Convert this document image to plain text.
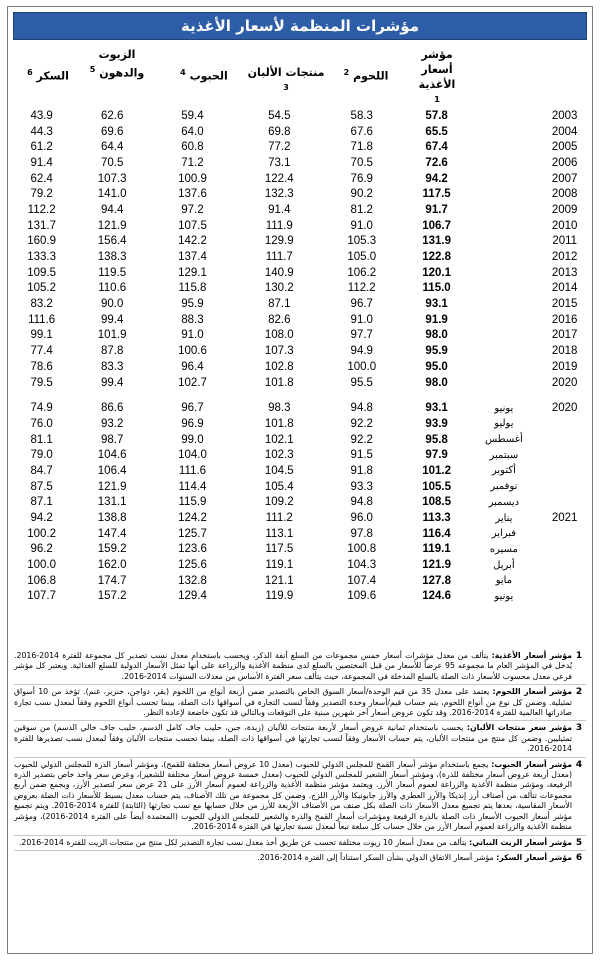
مؤشرات المنظمة لأسعار الأغذية
مؤشر أسعار الأغذية
$^1$
اللحوم $^2$
منتجات الألبان $^3$
الحبوب $^4$
الزيوت والدهون $^5$
السكر $^6$
43.9	62.6	59.4	54.5	58.3	57.8		2003
44.3	69.6	64.0	69.8	67.6	65.5		2004
61.2	64.4	60.8	77.2	71.8	67.4		2005
91.4	70.5	71.2	73.1	70.5	72.6		2006
62.4	107.3	100.9	122.4	76.9	94.2		2007
79.2	141.0	137.6	132.3	90.2	117.5		2008
112.2	94.4	97.2	91.4	81.2	91.7		2009
131.7	121.9	107.5	111.9	91.0	106.7		2010
160.9	156.4	142.2	129.9	105.3	131.9		2011
133.3	138.3	137.4	111.7	105.0	122.8		2012
109.5	119.5	129.1	140.9	106.2	120.1		2013
105.2	110.6	115.8	130.2	112.2	115.0		2014
83.2	90.0	95.9	87.1	96.7	93.1		2015
111.6	99.4	88.3	82.6	91.0	91.9		2016
99.1	101.9	91.0	108.0	97.7	98.0		2017
77.4	87.8	100.6	107.3	94.9	95.9		2018
78.6	83.3	96.4	102.8	100.0	95.0		2019
79.5	99.4	102.7	101.8	95.5	98.0		2020

74.9	86.6	96.7	98.3	94.8	93.1	يونيو	2020
76.0	93.2	96.9	101.8	92.2	93.9	يوليو	
81.1	98.7	99.0	102.1	92.2	95.8	أغسطس	
79.0	104.6	104.0	102.3	91.5	97.9	سبتمبر	
84.7	106.4	111.6	104.5	91.8	101.2	أكتوبر	
87.5	121.9	114.4	105.4	93.3	105.5	نوفمبر	
87.1	131.1	115.9	109.2	94.8	108.5	ديسمبر	
94.2	138.8	124.2	111.2	96.0	113.3	يناير	2021
100.2	147.4	125.7	113.1	97.8	116.4	فبراير	
96.2	159.2	123.6	117.5	100.8	119.1	مسيره	
100.0	162.0	125.6	119.1	104.3	121.9	أبريل	
106.8	174.7	132.8	121.1	107.4	127.8	مايو	
107.7	157.2	129.4	119.9	109.6	124.6	يونيو	
1
مؤشر أسعار الأغذية: يتألف من معدل مؤشرات أسعار خمس مجموعات من السلع آنفة الذكر، ويحسب باستخدام معدل نسب تصدير كل مجموعة للفترة 2014-2016. يُدخل في المؤشر العام ما مجموعه 95 عرضاً للأسعار من قبل المختصين بالسلع لدى منظمة الأغذية والزراعة على أنها تمثل الأسعار الدولية للسلع الغذائية. ويعتبر كل مؤشر فرعي معدل محسوب للأسعار ذات الصلة بالسلع المدخلة في المجموعة، حيث يتألف سعر الفترة الأساس من معدلات السنوات 2014-2016.
2
مؤشر أسعار اللحوم: يعتمد على معدل 35 من قيم الوحدة/أسعار السوق الخاص بالتصدير ضمن أربعة أنواع من اللحوم (بقر، دواجن، خنزير، غنم). تؤخذ من 10 أسواق تمثيلية. وضمن كل نوع من أنواع اللحوم، يتم حساب قيم/أسعار وحدة التصدير وفقاً لنسب التجارة في أسواقها ذات الصلة، بينما تحسب أنواع اللحوم وفقاً لمعدل نسب تجارة صادراتها العالمية للفترة 2014-2016. وقد تكون عروض أسعار آخر شهرين مبنية على التوقعات وبالتالي قد تكون خاضعة لإعادة النظر.
3
مؤشر سعر منتجات الألبان: يحسب باستخدام ثمانية عروض أسعار لأربعة منتجات للألبان (زبدة، جبن، حليب جاف كامل الدسم، حليب جاف خالي الدسم) من سوقين تمثيليين. وضمن كل منتج من منتجات الألبان، يتم حساب الأسعار وفقاً لنسب تجارتها في أسواقها ذات الصلة، بينما تحسب منتجات الألبان وفقاً لمعدل نسب تصديرها للفترة 2014-2016.
4
مؤشر أسعار الحبوب: يجمع باستخدام مؤشر أسعار القمح للمجلس الدولي للحبوب (معدل 10 عروض أسعار مختلفة للقمح)، ومؤشر أسعار الذرة للمجلس الدولي للحبوب (معدل أربعة عروض أسعار مختلفة للذرة)، ومؤشر أسعار الشعير للمجلس الدولي للحبوب (معدل خمسة عروض أسعار مختلفة للشعير)، وعرض سعر واحد خاص بتصدير الذرة الرفيعة، ومؤشر منظمة الأغذية والزراعة لعموم أسعار الأرز. ويعتمد مؤشر منظمة الأغذية والزراعة لعموم أسعار الأرز على 21 عرض سعر لتصدير الأرز، ويجمع ضمن أربع مجموعات تتألف من أصناف أرز إنديكا والأرز العطري والأرز جابونيكا والأرز اللزج. وضمن كل مجموعة من تلك الأصناف، يتم حساب معدل بسيط للأسعار ذات الصلة بعروض الأسعار المقاسية، بعدها يتم تجميع معدل الأسعار ذات الصلة بكل صنف من الأصناف الأربعة للأرز من خلال حسابها مع نسب تجارتها (الثابتة) للفترة 2014-2016. ويتم تجميع مؤشر أسعار الحبوب الأسعار ذات الصلة بالذرة الرفيعة ومؤشرات أسعار القمح والذرة والشعير للمجلس الدولي للحبوب (المعتمدة أيضاً على الفترة 2014-2016)، ومؤشر منظمة الأغذية والزراعة لعموم أسعار الأرز من خلال حساب كل سلعة تبعاً لمعدل نسبة تجارتها في الفترة 2014-2016.
5
مؤشر أسعار الزيت النباتي: يتألف من معدل أسعار 10 زيوت مختلفة تحسب عن طريق أخذ معدل نسب تجارة التصدير لكل منتج من منتجات الزيت للفترة 2014-2016.
6
مؤشر أسعار السكر: مؤشر أسعار الاتفاق الدولي بشأن السكر استناداً إلى الفترة 2014-2016.
